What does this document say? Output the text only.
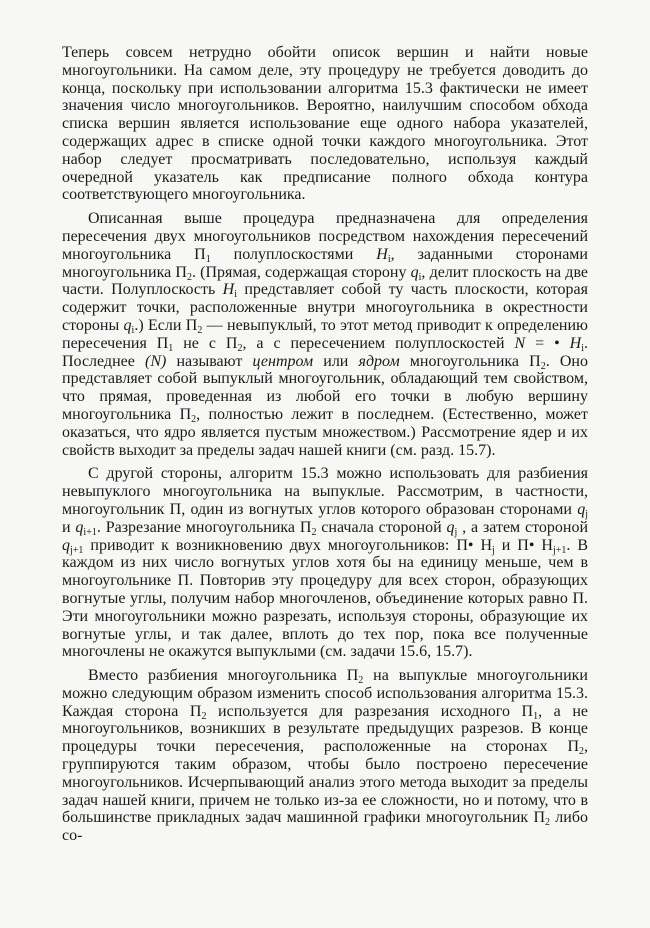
Теперь совсем нетрудно обойти описок вершин и найти новые многоугольники. На самом деле, эту процедуру не требуется доводить до конца, поскольку при использовании алгоритма 15.3 фактически не имеет значения число многоугольников. Вероятно, наилучшим способом обхода списка вершин является использование еще одного набора указателей, содержащих адрес в списке одной точки каждого многоугольника. Этот набор следует просматривать последовательно, используя каждый очередной указатель как предписание полного обхода контура соответствующего многоугольника.

Описанная выше процедура предназначена для определения пересечения двух многоугольников посредством нахождения пересечений многоугольника $П_1$ полуплоскостями $H_i$, заданными сторонами многоугольника $П_2$. (Прямая, содержащая сторону $q_i$, делит плоскость на две части. Полуплоскость $H_i$ представляет собой ту часть плоскости, которая содержит точки, расположенные внутри многоугольника в окрестности стороны $q_i$.) Если $П_2$ — невыпуклый, то этот метод приводит к определению пересечения $П_1$ не с $П_2$, а с пересечением полуплоскостей N = • $H_i$. Последнее (N) называют центром или ядром многоугольника $П_2$. Оно представляет собой выпуклый многоугольник, обладающий тем свойством, что прямая, проведенная из любой его точки в любую вершину многоугольника $П_2$, полностью лежит в последнем. (Естественно, может оказаться, что ядро является пустым множеством.) Рассмотрение ядер и их свойств выходит за пределы задач нашей книги (см. разд. 15.7).

С другой стороны, алгоритм 15.3 можно использовать для разбиения невыпуклого многоугольника на выпуклые. Рассмотрим, в частности, многоугольник П, один из вогнутых углов которого образован сторонами $q_j$ и $q_{i+1}$. Разрезание многоугольника $П_2$ сначала стороной $q_j$ , а затем стороной $q_{j+1}$ приводит к возникновению двух многоугольников: П• $H_j$ и П• $H_{j+1}$. В каждом из них число вогнутых углов хотя бы на единицу меньше, чем в многоугольнике П. Повторив эту процедуру для всех сторон, образующих вогнутые углы, получим набор многочленов, объединение которых равно П. Эти многоугольники можно разрезать, используя стороны, образующие их вогнутые углы, и так далее, вплоть до тех пор, пока все полученные многочлены не окажутся выпуклыми (см. задачи 15.6, 15.7).

Вместо разбиения многоугольника $П_2$ на выпуклые многоугольники можно следующим образом изменить способ использования алгоритма 15.3. Каждая сторона $П_2$ используется для разрезания исходного $П_1$, а не многоугольников, возникших в результате предыдущих разрезов. В конце процедуры точки пересечения, расположенные на сторонах $П_2$, группируются таким образом, чтобы было построено пересечение многоугольников. Исчерпывающий анализ этого метода выходит за пределы задач нашей книги, причем не только из-за ее сложности, но и потому, что в большинстве прикладных задач машинной графики многоугольник $П_2$ либо со-
